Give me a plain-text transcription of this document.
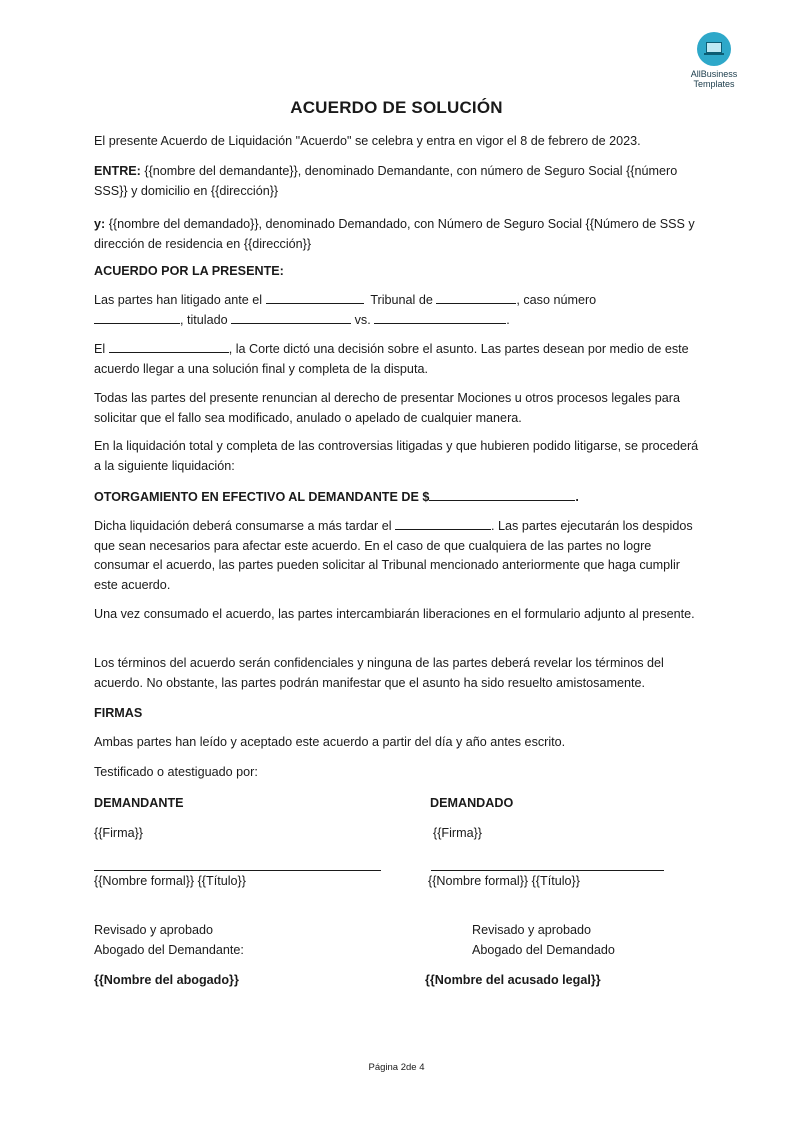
AllBusiness
Templates
ACUERDO DE SOLUCIÓN
El presente Acuerdo de Liquidación "Acuerdo" se celebra y entra en vigor el 8 de febrero de 2023.
ENTRE: {{nombre del demandante}}, denominado Demandante, con número de Seguro Social {{número SSS}} y domicilio en {{dirección}}
y: {{nombre del demandado}}, denominado Demandado, con Número de Seguro Social {{Número de SSS y dirección de residencia en {{dirección}}
ACUERDO POR LA PRESENTE:
Las partes han litigado ante el	Tribunal de	, caso número
, titulado	vs.	.
El	, la Corte dictó una decisión sobre el asunto. Las partes desean por medio de este acuerdo llegar a una solución final y completa de la disputa.
Todas las partes del presente renuncian al derecho de presentar Mociones u otros procesos legales para solicitar que el fallo sea modificado, anulado o apelado de cualquier manera.
En la liquidación total y completa de las controversias litigadas y que hubieren podido litigarse, se procederá a la siguiente liquidación:
OTORGAMIENTO EN EFECTIVO AL DEMANDANTE DE $	.
Dicha liquidación deberá consumarse a más tardar el	. Las partes ejecutarán los despidos que sean necesarios para afectar este acuerdo. En el caso de que cualquiera de las partes no logre consumar el acuerdo, las partes pueden solicitar al Tribunal mencionado anteriormente que haga cumplir este acuerdo.
Una vez consumado el acuerdo, las partes intercambiarán liberaciones en el formulario adjunto al presente.
Los términos del acuerdo serán confidenciales y ninguna de las partes deberá revelar los términos del acuerdo. No obstante, las partes podrán manifestar que el asunto ha sido resuelto amistosamente.
FIRMAS
Ambas partes han leído y aceptado este acuerdo a partir del día y año antes escrito.
Testificado o atestiguado por:
DEMANDANTE
{{Firma}}
{{Nombre formal}} {{Título}}
Revisado y aprobado
Abogado del Demandante:
{{Nombre del abogado}}
DEMANDADO
{{Firma}}
{{Nombre formal}} {{Título}}
Revisado y aprobado
Abogado del Demandado
{{Nombre del acusado legal}}
Página 2de 4
